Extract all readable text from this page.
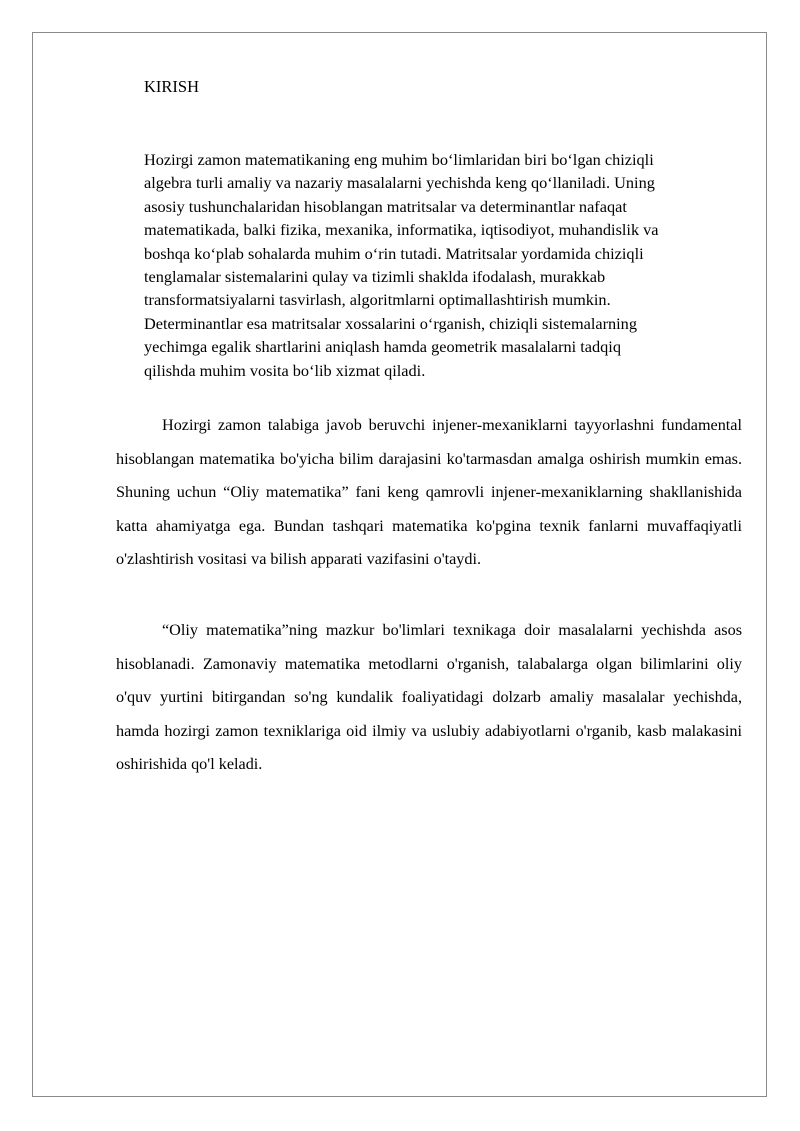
KIRISH

Hozirgi zamon matematikaning eng muhim bo‘limlaridan biri bo‘lgan chiziqli
algebra turli amaliy va nazariy masalalarni yechishda keng qo‘llaniladi. Uning
asosiy tushunchalaridan hisoblangan matritsalar va determinantlar nafaqat
matematikada, balki fizika, mexanika, informatika, iqtisodiyot, muhandislik va
boshqa ko‘plab sohalarda muhim o‘rin tutadi. Matritsalar yordamida chiziqli
tenglamalar sistemalarini qulay va tizimli shaklda ifodalash, murakkab
transformatsiyalarni tasvirlash, algoritmlarni optimallashtirish mumkin.
Determinantlar esa matritsalar xossalarini o‘rganish, chiziqli sistemalarning
yechimga egalik shartlarini aniqlash hamda geometrik masalalarni tadqiq
qilishda muhim vosita bo‘lib xizmat qiladi.

Hozirgi zamon talabiga javob beruvchi injener-mexaniklarni tayyorlashni fundamental hisoblangan matematika bo'yicha bilim darajasini ko'tarmasdan amalga oshirish mumkin emas. Shuning uchun “Oliy matematika” fani keng qamrovli injener-mexaniklarning shakllanishida katta ahamiyatga ega. Bundan tashqari matematika ko'pgina texnik fanlarni muvaffaqiyatli o'zlashtirish vositasi va bilish apparati vazifasini o'taydi.

“Oliy matematika”ning mazkur bo'limlari texnikaga doir masalalarni yechishda asos hisoblanadi. Zamonaviy matematika metodlarni o'rganish, talabalarga olgan bilimlarini oliy o'quv yurtini bitirgandan so'ng kundalik foaliyatidagi dolzarb amaliy masalalar yechishda, hamda hozirgi zamon texniklariga oid ilmiy va uslubiy adabiyotlarni o'rganib, kasb malakasini oshirishida qo'l keladi.
